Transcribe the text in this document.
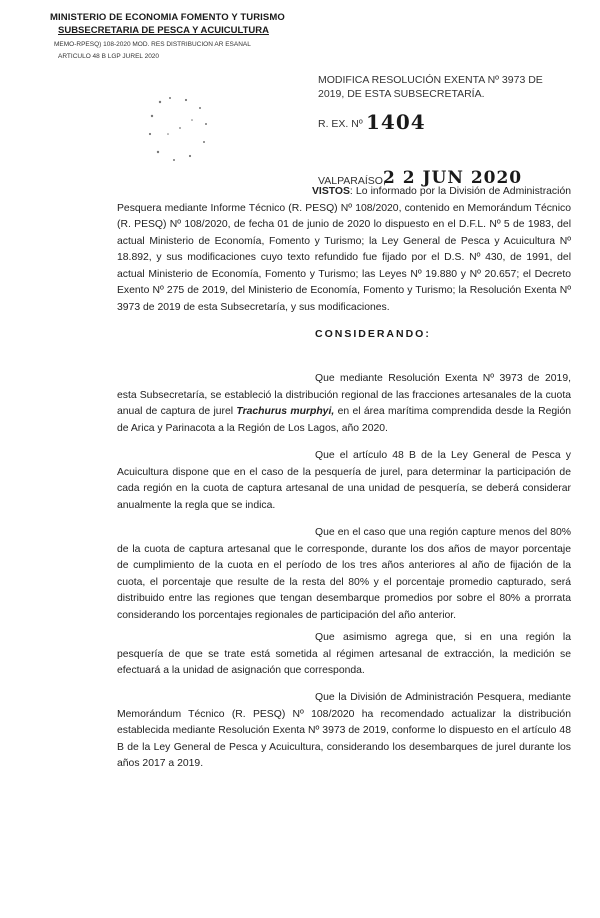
MINISTERIO DE ECONOMIA FOMENTO Y TURISMO
SUBSECRETARIA DE PESCA Y ACUICULTURA
MEMO-RPESQ) 108-2020 MOD. RES DISTRIBUCION AR ESANAL
ARTICULO 48 B LGP JUREL 2020
MODIFICA RESOLUCIÓN EXENTA Nº 3973 DE 2019, DE ESTA SUBSECRETARÍA.
R. EX. Nº 1404
VALPARAÍSO,
2 2 JUN 2020
VISTOS: Lo informado por la División de Administración Pesquera mediante Informe Técnico (R. PESQ) Nº 108/2020, contenido en Memorándum Técnico (R. PESQ) Nº 108/2020, de fecha 01 de junio de 2020 lo dispuesto en el D.F.L. Nº 5 de 1983, del actual Ministerio de Economía, Fomento y Turismo; la Ley General de Pesca y Acuicultura Nº 18.892, y sus modificaciones cuyo texto refundido fue fijado por el D.S. Nº 430, de 1991, del actual Ministerio de Economía, Fomento y Turismo; las Leyes Nº 19.880 y Nº 20.657; el Decreto Exento Nº 275 de 2019, del Ministerio de Economía, Fomento y Turismo; la Resolución Exenta Nº 3973 de 2019 de esta Subsecretaría, y sus modificaciones.
CONSIDERANDO:
Que mediante Resolución Exenta Nº 3973 de 2019, esta Subsecretaría, se estableció la distribución regional de las fracciones artesanales de la cuota anual de captura de jurel Trachurus murphyi, en el área marítima comprendida desde la Región de Arica y Parinacota a la Región de Los Lagos, año 2020.
Que el artículo 48 B de la Ley General de Pesca y Acuicultura dispone que en el caso de la pesquería de jurel, para determinar la participación de cada región en la cuota de captura artesanal de una unidad de pesquería, se deberá considerar anualmente la regla que se indica.
Que en el caso que una región capture menos del 80% de la cuota de captura artesanal que le corresponde, durante los dos años de mayor porcentaje de cumplimiento de la cuota en el período de los tres años anteriores al año de fijación de la cuota, el porcentaje que resulte de la resta del 80% y el porcentaje promedio capturado, será distribuido entre las regiones que tengan desembarque promedios por sobre el 80% a prorrata considerando los porcentajes regionales de participación del año anterior.
Que asimismo agrega que, si en una región la pesquería de que se trate está sometida al régimen artesanal de extracción, la medición se efectuará a la unidad de asignación que corresponda.
Que la División de Administración Pesquera, mediante Memorándum Técnico (R. PESQ) Nº 108/2020 ha recomendado actualizar la distribución establecida mediante Resolución Exenta Nº 3973 de 2019, conforme lo dispuesto en el artículo 48 B de la Ley General de Pesca y Acuicultura, considerando los desembarques de jurel durante los años 2017 a 2019.
